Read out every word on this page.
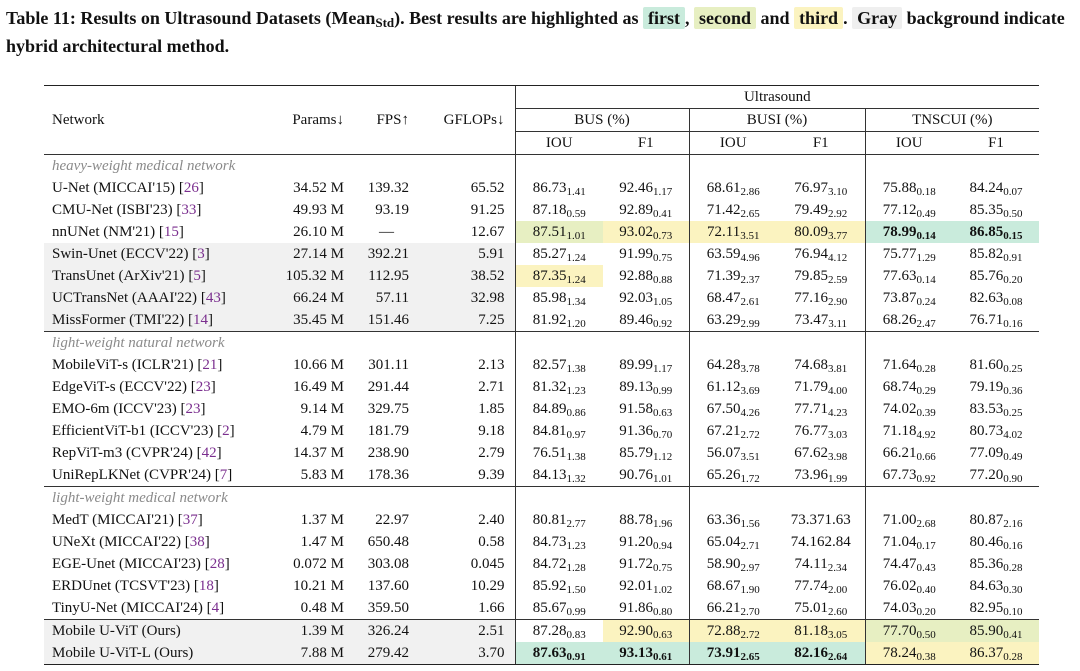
Table 11: Results on Ultrasound Datasets (Mean$_{Std}$). Best results are highlighted as first , second and third . Gray background indicate hybrid architectural method.
Network	Params↓	FPS↑	GFLOPs↓	Ultrasound					
				BUS (%)		BUSI (%)		TNSCUI (%)	
				IOU	F1	IOU	F1	IOU	F1
heavy-weight medical network									
U-Net (MICCAI'15) [26]	34.52 M	139.32	65.52	$86.73_{1.41}$	$92.46_{1.17}$	$68.61_{2.86}$	$76.97_{3.10}$	$75.88_{0.18}$	$84.24_{0.07}$
CMU-Net (ISBI'23) [33]	49.93 M	93.19	91.25	$87.18_{0.59}$	$92.89_{0.41}$	$71.42_{2.65}$	$79.49_{2.92}$	$77.12_{0.49}$	$85.35_{0.50}$
nnUNet (NM'21) [15]	26.10 M	—	12.67	$87.51_{1.01}$	$93.02_{0.73}$	$72.11_{3.51}$	$80.09_{3.77}$	$78.99_{0.14}$	$86.85_{0.15}$
Swin-Unet (ECCV'22) [3]	27.14 M	392.21	5.91	$85.27_{1.24}$	$91.99_{0.75}$	$63.59_{4.96}$	$76.94_{4.12}$	$75.77_{1.29}$	$85.82_{0.91}$
TransUnet (ArXiv'21) [5]	105.32 M	112.95	38.52	$87.35_{1.24}$	$92.88_{0.88}$	$71.39_{2.37}$	$79.85_{2.59}$	$77.63_{0.14}$	$85.76_{0.20}$
UCTransNet (AAAI'22) [43]	66.24 M	57.11	32.98	$85.98_{1.34}$	$92.03_{1.05}$	$68.47_{2.61}$	$77.16_{2.90}$	$73.87_{0.24}$	$82.63_{0.08}$
MissFormer (TMI'22) [14]	35.45 M	151.46	7.25	$81.92_{1.20}$	$89.46_{0.92}$	$63.29_{2.99}$	$73.47_{3.11}$	$68.26_{2.47}$	$76.71_{0.16}$
light-weight natural network									
MobileViT-s (ICLR'21) [21]	10.66 M	301.11	2.13	$82.57_{1.38}$	$89.99_{1.17}$	$64.28_{3.78}$	$74.68_{3.81}$	$71.64_{0.28}$	$81.60_{0.25}$
EdgeViT-s (ECCV'22) [23]	16.49 M	291.44	2.71	$81.32_{1.23}$	$89.13_{0.99}$	$61.12_{3.69}$	$71.79_{4.00}$	$68.74_{0.29}$	$79.19_{0.36}$
EMO-6m (ICCV'23) [23]	9.14 M	329.75	1.85	$84.89_{0.86}$	$91.58_{0.63}$	$67.50_{4.26}$	$77.71_{4.23}$	$74.02_{0.39}$	$83.53_{0.25}$
EfficientViT-b1 (ICCV'23) [2]	4.79 M	181.79	9.18	$84.81_{0.97}$	$91.36_{0.70}$	$67.21_{2.72}$	$76.77_{3.03}$	$71.18_{4.92}$	$80.73_{4.02}$
RepViT-m3 (CVPR'24) [42]	14.37 M	238.90	2.79	$76.51_{1.38}$	$85.79_{1.12}$	$56.07_{3.51}$	$67.62_{3.98}$	$66.21_{0.66}$	$77.09_{0.49}$
UniRepLKNet (CVPR'24) [7]	5.83 M	178.36	9.39	$84.13_{1.32}$	$90.76_{1.01}$	$65.26_{1.72}$	$73.96_{1.99}$	$67.73_{0.92}$	$77.20_{0.90}$
light-weight medical network									
MedT (MICCAI'21) [37]	1.37 M	22.97	2.40	$80.81_{2.77}$	$88.78_{1.96}$	$63.36_{1.56}$	73.371.63	$71.00_{2.68}$	$80.87_{2.16}$
UNeXt (MICCAI'22) [38]	1.47 M	650.48	0.58	$84.73_{1.23}$	$91.20_{0.94}$	$65.04_{2.71}$	74.162.84	$71.04_{0.17}$	$80.46_{0.16}$
EGE-Unet (MICCAI'23) [28]	0.072 M	303.08	0.045	$84.72_{1.28}$	$91.72_{0.75}$	$58.90_{2.97}$	$74.11_{2.34}$	$74.47_{0.43}$	$85.36_{0.28}$
ERDUnet (TCSVT'23) [18]	10.21 M	137.60	10.29	$85.92_{1.50}$	$92.01_{1.02}$	$68.67_{1.90}$	$77.74_{2.00}$	$76.02_{0.40}$	$84.63_{0.30}$
TinyU-Net (MICCAI'24) [4]	0.48 M	359.50	1.66	$85.67_{0.99}$	$91.86_{0.80}$	$66.21_{2.70}$	$75.01_{2.60}$	$74.03_{0.20}$	$82.95_{0.10}$
Mobile U-ViT (Ours)	1.39 M	326.24	2.51	$87.28_{0.83}$	$92.90_{0.63}$	$72.88_{2.72}$	$81.18_{3.05}$	$77.70_{0.50}$	$85.90_{0.41}$
Mobile U-ViT-L (Ours)	7.88 M	279.42	3.70	$87.63_{0.91}$	$93.13_{0.61}$	$73.91_{2.65}$	$82.16_{2.64}$	$78.24_{0.38}$	$86.37_{0.28}$
